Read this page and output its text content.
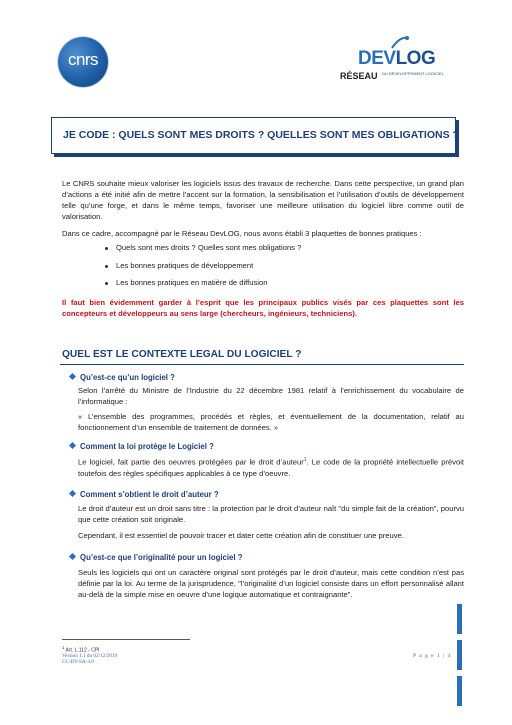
cnrs	DEVLOG
RÉSEAU DU DÉVELOPPEMENT LOGICIEL
JE CODE : QUELS SONT MES DROITS ? QUELLES SONT MES OBLIGATIONS ?
Le CNRS souhaite mieux valoriser les logiciels issus des travaux de recherche. Dans cette perspective, un grand plan d’actions a été initié afin de mettre l’accent sur la formation, la sensibilisation et l’utilisation d’outils de développement telle qu’une forge, et dans le même temps, favoriser une meilleure utilisation du logiciel libre comme outil de valorisation.
Dans ce cadre, accompagné par le Réseau DevLOG, nous avons établi 3 plaquettes de bonnes pratiques :
Quels sont mes droits ? Quelles sont mes obligations ?
Les bonnes pratiques de développement
Les bonnes pratiques en matière de diffusion
Il faut bien évidemment garder à l’esprit que les principaux publics visés par ces plaquettes sont les concepteurs et développeurs au sens large (chercheurs, ingénieurs, techniciens).
QUEL EST LE CONTEXTE LEGAL DU LOGICIEL ?
Qu’est-ce qu’un logiciel ?
Selon l’arrêté du Ministre de l’Industrie du 22 décembre 1981 relatif à l’enrichissement du vocabulaire de l’informatique :
« L’ensemble des programmes, procédés et règles, et éventuellement de la documentation, relatif au fonctionnement d’un ensemble de traitement de données. »
Comment la loi protège le Logiciel ?
Le logiciel, fait partie des oeuvres protégées par le droit d’auteur$^1$. Le code de la propriété intellectuelle prévoit toutefois des règles spécifiques applicables à ce type d’oeuvre.
Comment s’obtient le droit d’auteur ?
Le droit d’auteur est un droit sans titre : la protection par le droit d’auteur naît "du simple fait de la création", pourvu que cette création soit originale.
Cependant, il est essentiel de pouvoir tracer et dater cette création afin de constituer une preuve.
Qu’est-ce que l’originalité pour un logiciel ?
Seuls les logiciels qui ont un caractère original sont protégés par le droit d’auteur, mais cette condition n’est pas définie par la loi. Au terme de la jurisprudence, "l’originalité d’un logiciel consiste dans un effort personnalisé allant au-delà de la simple mise en oeuvre d’une logique automatique et contraignante".
$^1$ Art. L.112 - CPI
Version 1.1 du 02/12/2019
CC-BY-SA-4.0
P a g e 1 | 4
